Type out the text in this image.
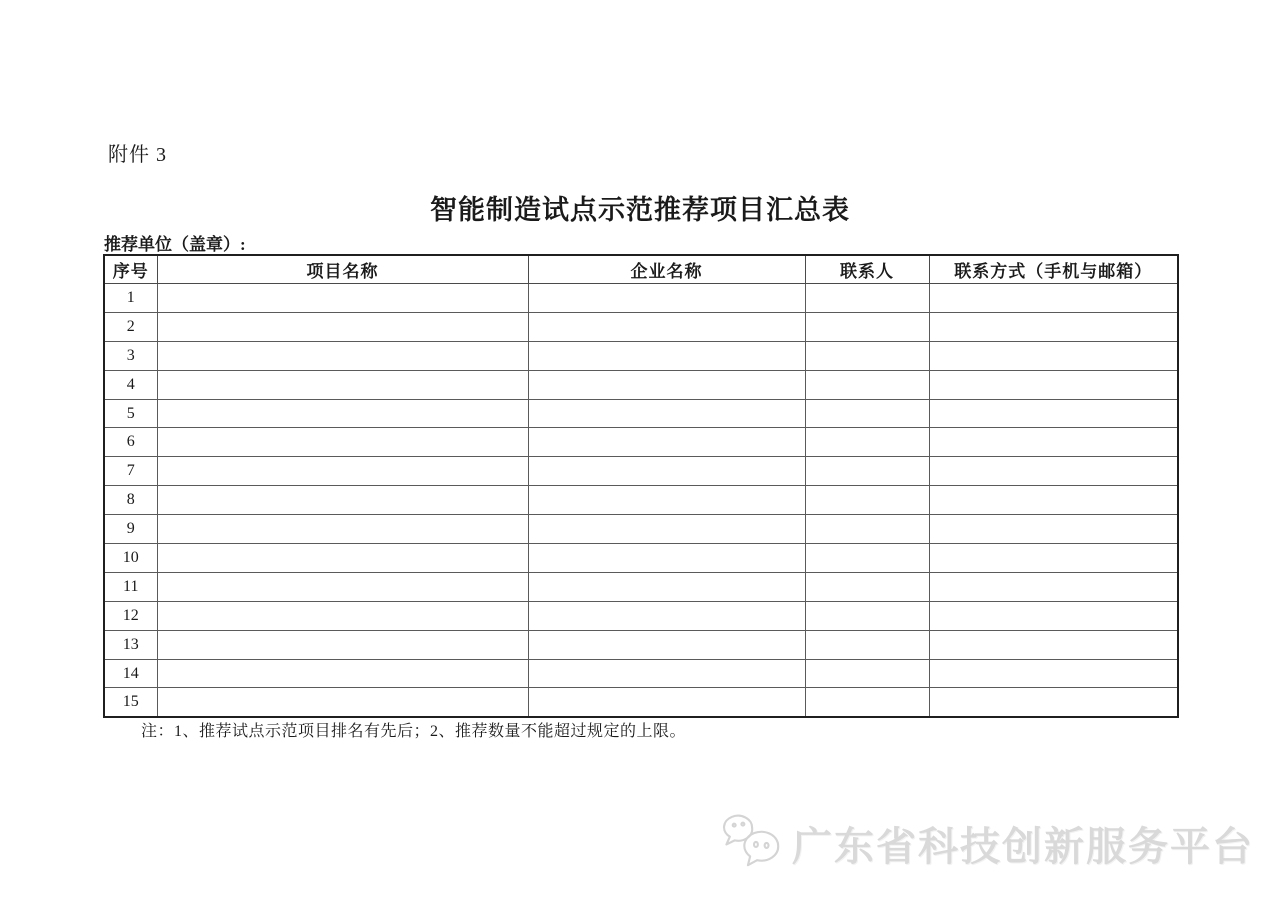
附件 3
智能制造试点示范推荐项目汇总表
推荐单位（盖章）:
序号	项目名称	企业名称	联系人	联系方式（手机与邮箱）
1				
2				
3				
4				
5				
6				
7				
8				
9				
10				
11				
12				
13				
14				
15				
注：1、推荐试点示范项目排名有先后；2、推荐数量不能超过规定的上限。
广东省科技创新服务平台
